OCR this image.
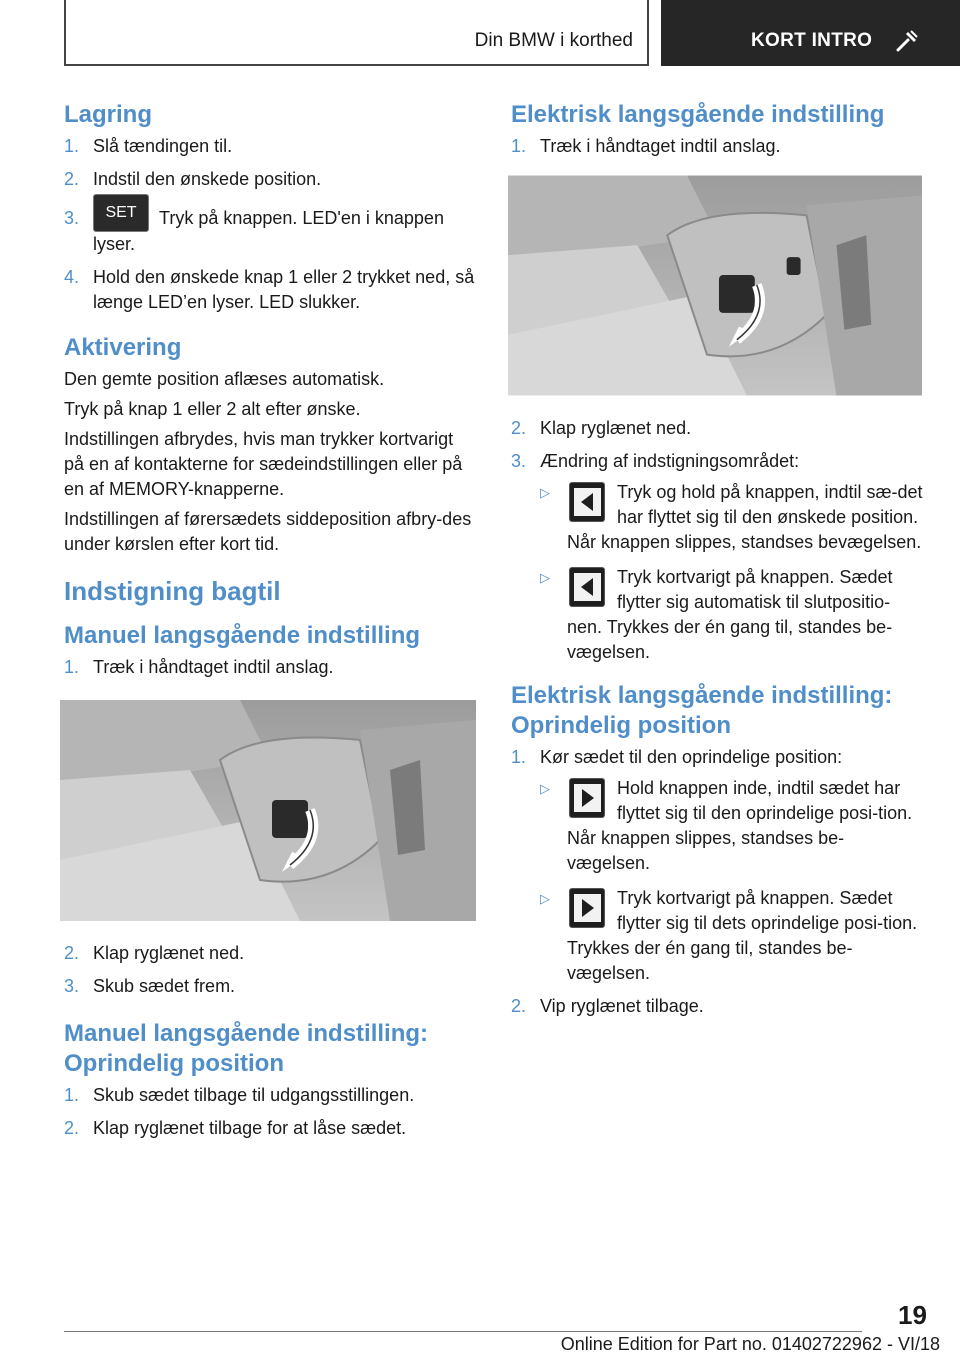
Din BMW i korthed	KORT INTRO
Lagring
1. Slå tændingen til.
2. Indstil den ønskede position.
3. SET Tryk på knappen. LED'en i knappen lyser.
4. Hold den ønskede knap 1 eller 2 trykket ned, så længe LED’en lyser. LED slukker.
Aktivering

Den gemte position aflæses automatisk.

Tryk på knap 1 eller 2 alt efter ønske.

Indstillingen afbrydes, hvis man trykker kortvarigt på en af kontakterne for sædeindstillingen eller på en af MEMORY-knapperne.

Indstillingen af førersædets siddeposition afbry-des under kørslen efter kort tid.

Indstigning bagtil
Manuel langsgående indstilling
1. Træk i håndtaget indtil anslag.
2. Klap ryglænet ned.
3. Skub sædet frem.
Manuel langsgående indstilling: Oprindelig position
1. Skub sædet tilbage til udgangsstillingen.
2. Klap ryglænet tilbage for at låse sædet.
Elektrisk langsgående indstilling
1. Træk i håndtaget indtil anslag.
2. Klap ryglænet ned.
3. Ændring af indstigningsområdet:
▷	Tryk og hold på knappen, indtil sæ-det har flyttet sig til den ønskede position. Når knappen slippes, standses bevægelsen.
▷	Tryk kortvarigt på knappen. Sædet flytter sig automatisk til slutpositio-nen. Trykkes der én gang til, standes be-vægelsen.
Elektrisk langsgående indstilling: Oprindelig position
1. Kør sædet til den oprindelige position:
▷	Hold knappen inde, indtil sædet har flyttet sig til den oprindelige posi-tion. Når knappen slippes, standses be-vægelsen.
▷	Tryk kortvarigt på knappen. Sædet flytter sig til dets oprindelige posi-tion. Trykkes der én gang til, standes be-vægelsen.
2. Vip ryglænet tilbage.
19
Online Edition for Part no. 01402722962 - VI/18
